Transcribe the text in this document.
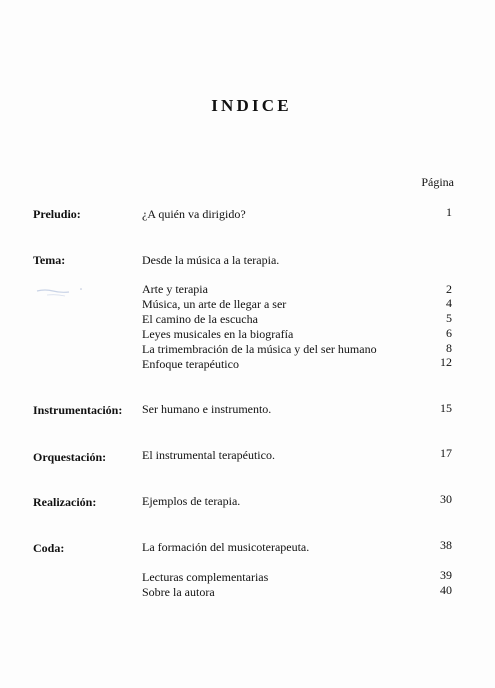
INDICE
Página
Preludio:	¿A quién va dirigido?	1
Tema:	Desde la música a la terapia.
Arte y terapia	2
Música, un arte de llegar a ser	4
El camino de la escucha	5
Leyes musicales en la biografía	6
La trimembración de la música y del ser humano	8
Enfoque terapéutico	12
Instrumentación: Ser humano e instrumento.	15
Orquestación:	El instrumental terapéutico.	17
Realización:	Ejemplos de terapia.	30
Coda:	La formación del musicoterapeuta.	38
Lecturas complementarias	39
Sobre la autora	40
